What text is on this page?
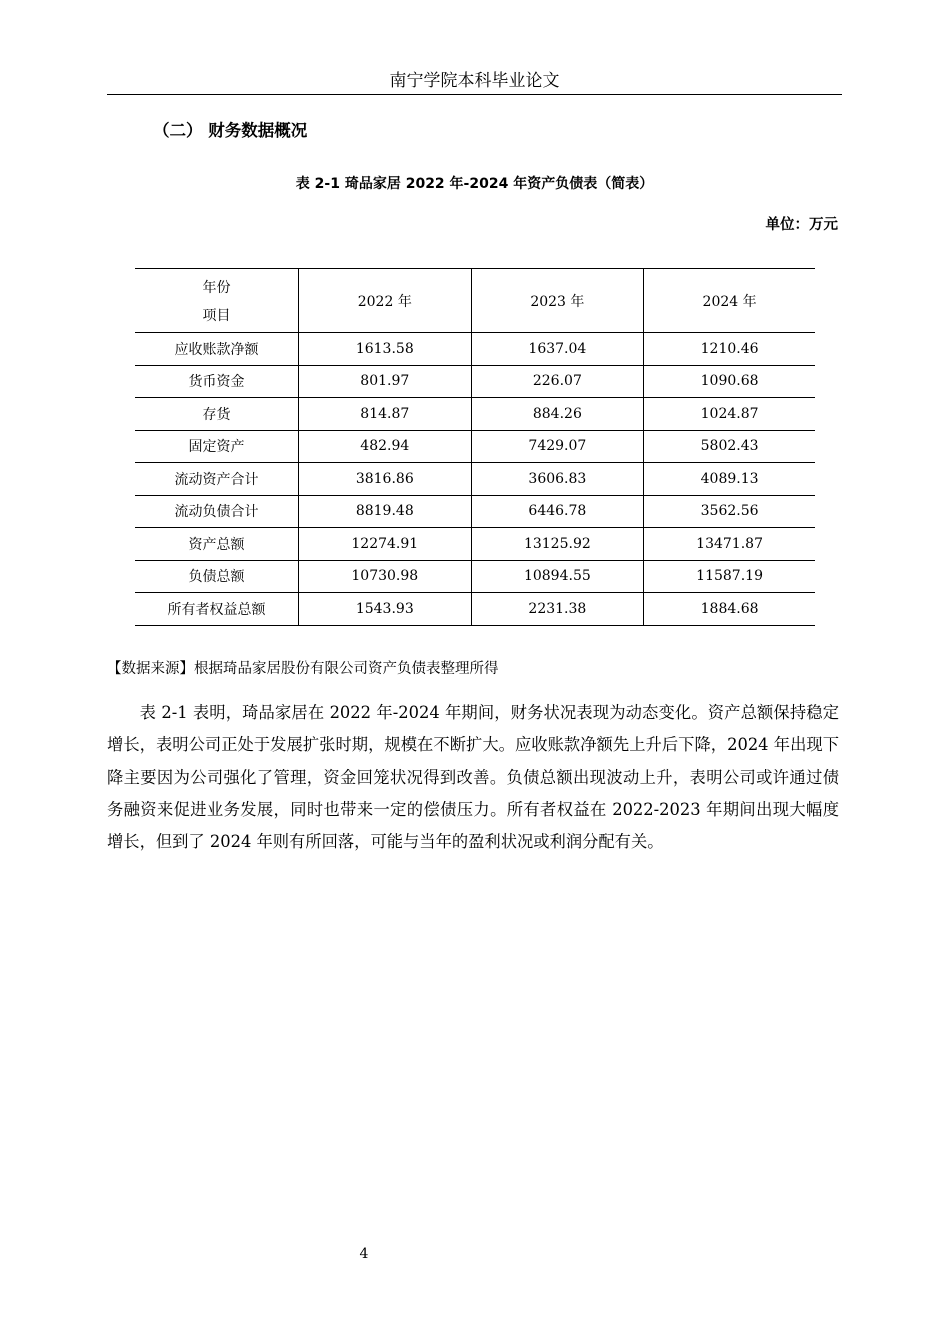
南宁学院本科毕业论文
（二） 财务数据概况
表 2-1 琦品家居 2022 年-2024 年资产负债表（简表）
单位：万元
年份
项目	2022 年	2023 年	2024 年
应收账款净额	1613.58	1637.04	1210.46
货币资金	801.97	226.07	1090.68
存货	814.87	884.26	1024.87
固定资产	482.94	7429.07	5802.43
流动资产合计	3816.86	3606.83	4089.13
流动负债合计	8819.48	6446.78	3562.56
资产总额	12274.91	13125.92	13471.87
负债总额	10730.98	10894.55	11587.19
所有者权益总额	1543.93	2231.38	1884.68
【数据来源】根据琦品家居股份有限公司资产负债表整理所得

表 2-1 表明，琦品家居在 2022 年-2024 年期间，财务状况表现为动态变化。资产总额保持稳定增长，表明公司正处于发展扩张时期，规模在不断扩大。应收账款净额先上升后下降，2024 年出现下降主要因为公司强化了管理，资金回笼状况得到改善。负债总额出现波动上升，表明公司或许通过债务融资来促进业务发展，同时也带来一定的偿债压力。所有者权益在 2022-2023 年期间出现大幅度增长，但到了 2024 年则有所回落，可能与当年的盈利状况或利润分配有关。

4
